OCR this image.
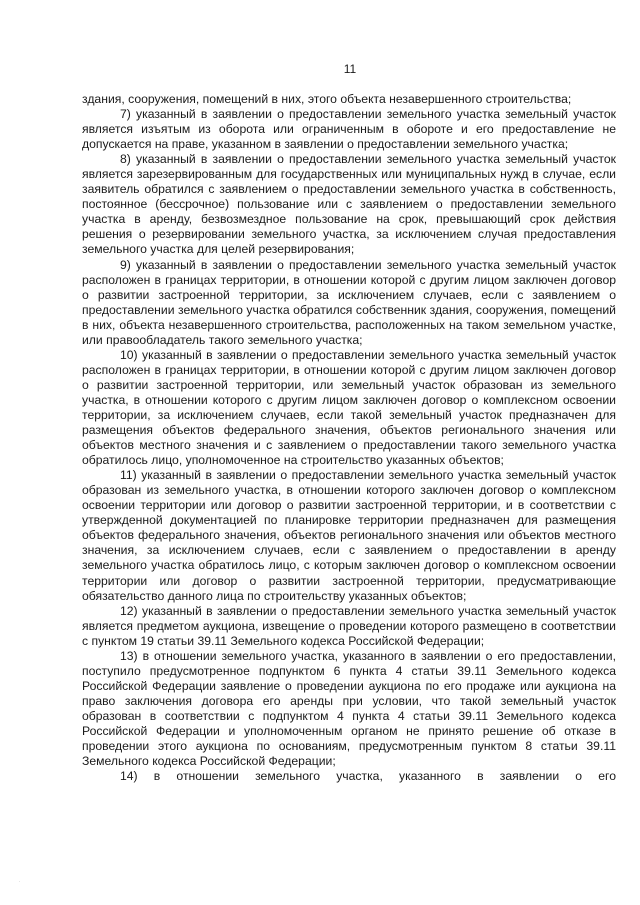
11

здания, сооружения, помещений в них, этого объекта незавершенного строительства;

7) указанный в заявлении о предоставлении земельного участка земельный участок является изъятым из оборота или ограниченным в обороте и его предоставление не допускается на праве, указанном в заявлении о предоставлении земельного участка;

8) указанный в заявлении о предоставлении земельного участка земельный участок является зарезервированным для государственных или муниципальных нужд в случае, если заявитель обратился с заявлением о предоставлении земельного участка в собственность, постоянное (бессрочное) пользование или с заявлением о предоставлении земельного участка в аренду, безвозмездное пользование на срок, превышающий срок действия решения о резервировании земельного участка, за исключением случая предоставления земельного участка для целей резервирования;

9) указанный в заявлении о предоставлении земельного участка земельный участок расположен в границах территории, в отношении которой с другим лицом заключен договор о развитии застроенной территории, за исключением случаев, если с заявлением о предоставлении земельного участка обратился собственник здания, сооружения, помещений в них, объекта незавершенного строительства, расположенных на таком земельном участке, или правообладатель такого земельного участка;

10) указанный в заявлении о предоставлении земельного участка земельный участок расположен в границах территории, в отношении которой с другим лицом заключен договор о развитии застроенной территории, или земельный участок образован из земельного участка, в отношении которого с другим лицом заключен договор о комплексном освоении территории, за исключением случаев, если такой земельный участок предназначен для размещения объектов федерального значения, объектов регионального значения или объектов местного значения и с заявлением о предоставлении такого земельного участка обратилось лицо, уполномоченное на строительство указанных объектов;

11) указанный в заявлении о предоставлении земельного участка земельный участок образован из земельного участка, в отношении которого заключен договор о комплексном освоении территории или договор о развитии застроенной территории, и в соответствии с утвержденной документацией по планировке территории предназначен для размещения объектов федерального значения, объектов регионального значения или объектов местного значения, за исключением случаев, если с заявлением о предоставлении в аренду земельного участка обратилось лицо, с которым заключен договор о комплексном освоении территории или договор о развитии застроенной территории, предусматривающие обязательство данного лица по строительству указанных объектов;

12) указанный в заявлении о предоставлении земельного участка земельный участок является предметом аукциона, извещение о проведении которого размещено в соответствии с пунктом 19 статьи 39.11 Земельного кодекса Российской Федерации;

13) в отношении земельного участка, указанного в заявлении о его предоставлении, поступило предусмотренное подпунктом 6 пункта 4 статьи 39.11 Земельного кодекса Российской Федерации заявление о проведении аукциона по его продаже или аукциона на право заключения договора его аренды при условии, что такой земельный участок образован в соответствии с подпунктом 4 пункта 4 статьи 39.11 Земельного кодекса Российской Федерации и уполномоченным органом не принято решение об отказе в проведении этого аукциона по основаниям, предусмотренным пунктом 8 статьи 39.11 Земельного кодекса Российской Федерации;

14) в отношении земельного участка, указанного в заявлении о его

.
